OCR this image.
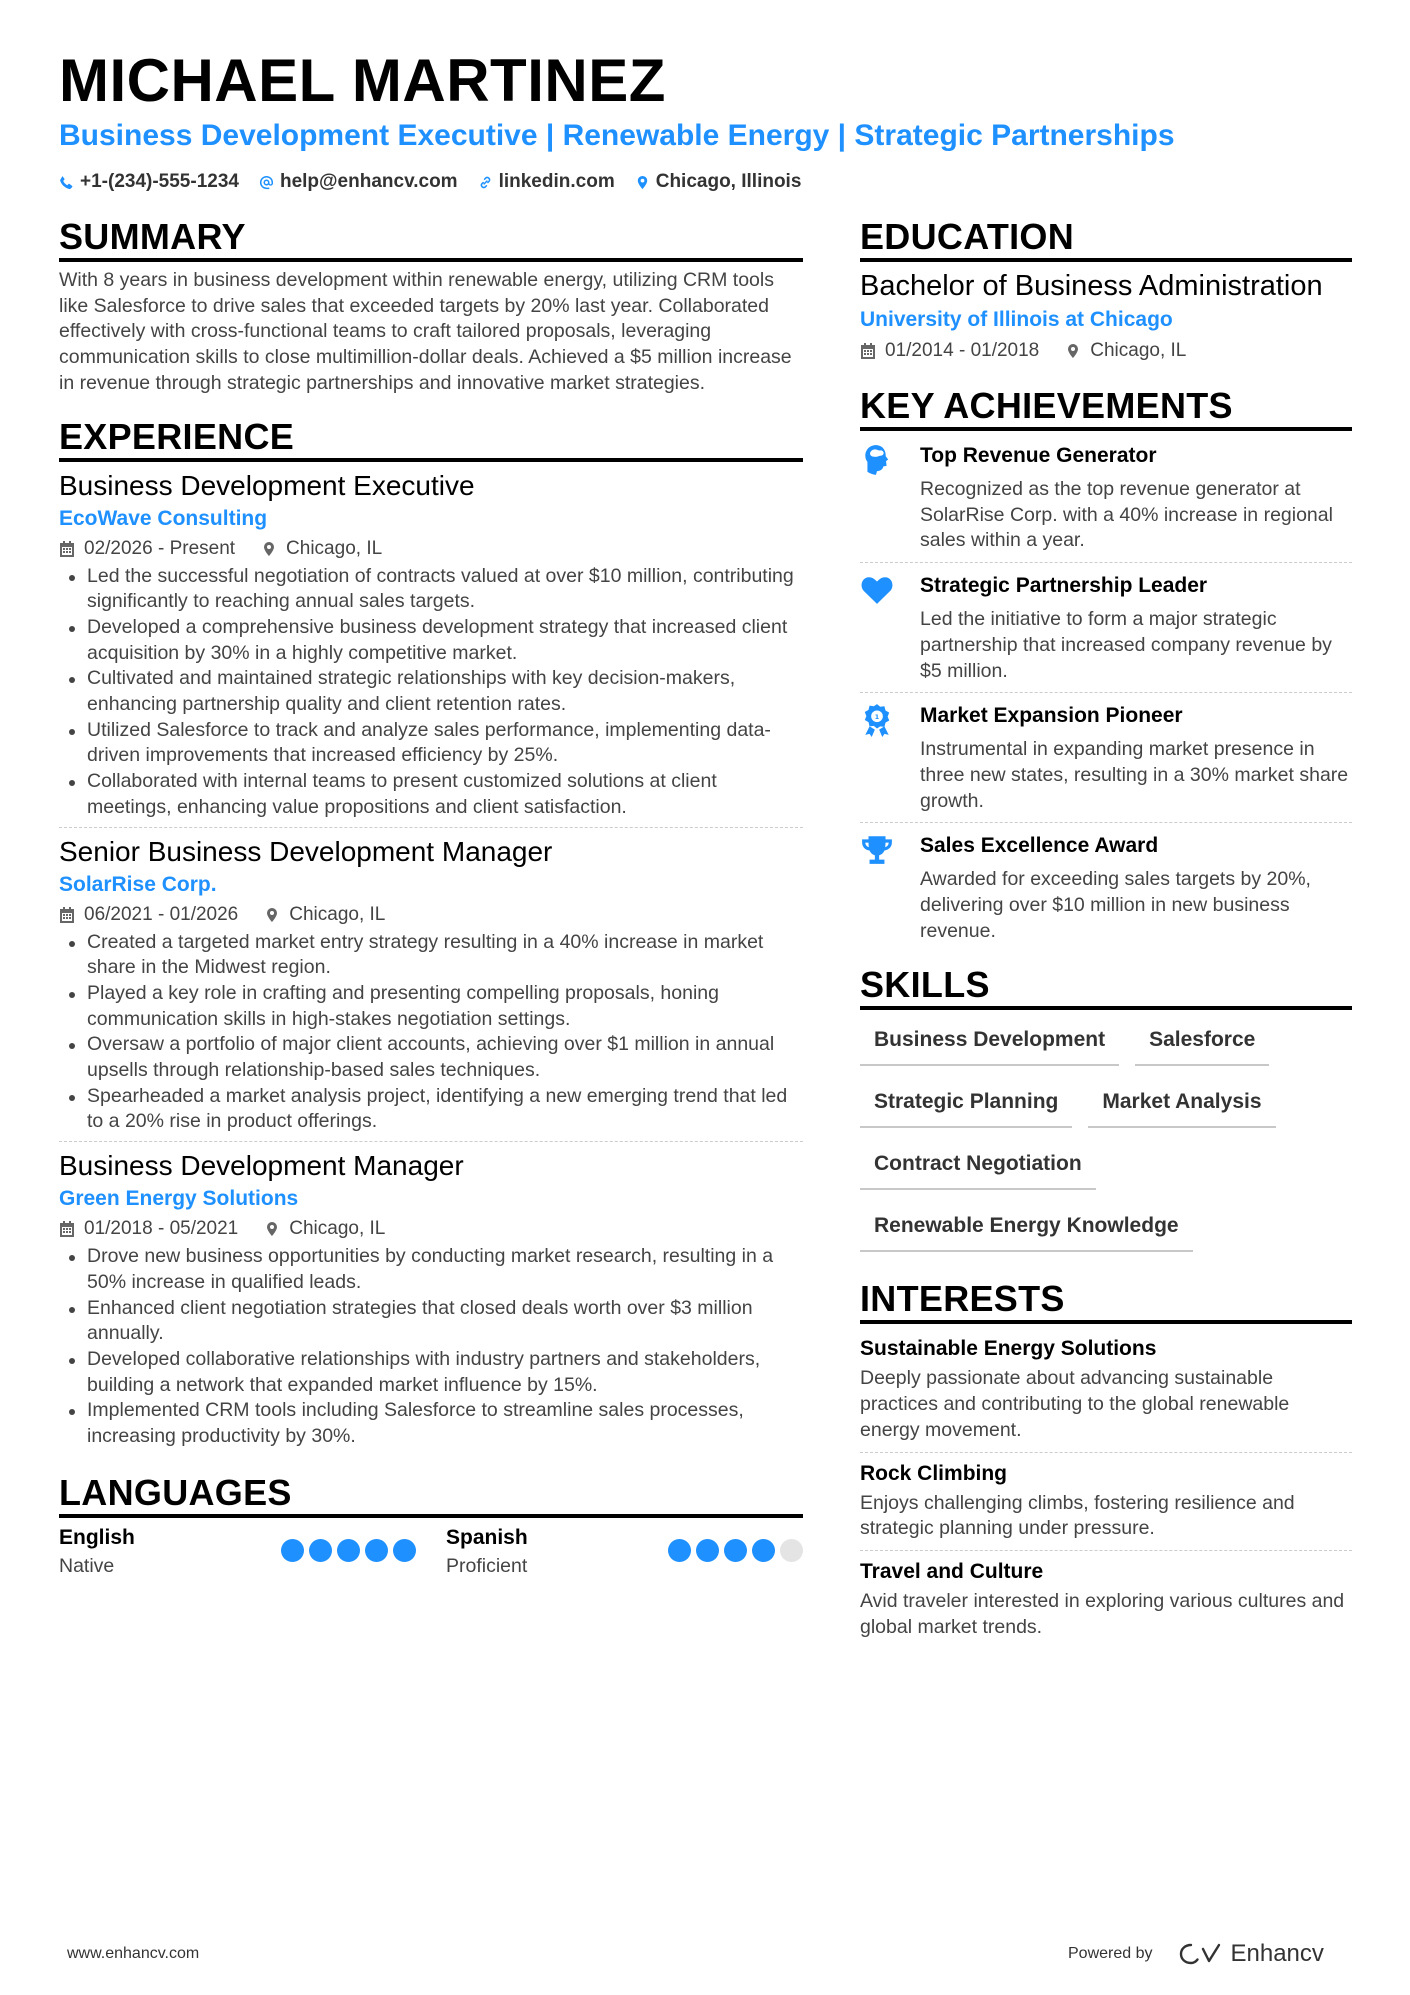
MICHAEL MARTINEZ
Business Development Executive | Renewable Energy | Strategic Partnerships
+1-(234)-555-1234 help@enhancv.com linkedin.com Chicago, Illinois
SUMMARY

With 8 years in business development within renewable energy, utilizing CRM tools like Salesforce to drive sales that exceeded targets by 20% last year. Collaborated effectively with cross-functional teams to craft tailored proposals, leveraging communication skills to close multimillion-dollar deals. Achieved a $5 million increase in revenue through strategic partnerships and innovative market strategies.

EXPERIENCE
Business Development Executive
EcoWave Consulting
02/2026 - Present	Chicago, IL
Led the successful negotiation of contracts valued at over $10 million, contributing significantly to reaching annual sales targets.
Developed a comprehensive business development strategy that increased client acquisition by 30% in a highly competitive market.
Cultivated and maintained strategic relationships with key decision-makers, enhancing partnership quality and client retention rates.
Utilized Salesforce to track and analyze sales performance, implementing data-driven improvements that increased efficiency by 25%.
Collaborated with internal teams to present customized solutions at client meetings, enhancing value propositions and client satisfaction.
Senior Business Development Manager
SolarRise Corp.
06/2021 - 01/2026	Chicago, IL
Created a targeted market entry strategy resulting in a 40% increase in market share in the Midwest region.
Played a key role in crafting and presenting compelling proposals, honing communication skills in high-stakes negotiation settings.
Oversaw a portfolio of major client accounts, achieving over $1 million in annual upsells through relationship-based sales techniques.
Spearheaded a market analysis project, identifying a new emerging trend that led to a 20% rise in product offerings.
Business Development Manager
Green Energy Solutions
01/2018 - 05/2021	Chicago, IL
Drove new business opportunities by conducting market research, resulting in a 50% increase in qualified leads.
Enhanced client negotiation strategies that closed deals worth over $3 million annually.
Developed collaborative relationships with industry partners and stakeholders, building a network that expanded market influence by 15%.
Implemented CRM tools including Salesforce to streamline sales processes, increasing productivity by 30%.
LANGUAGES
English
Native
Spanish
Proficient
EDUCATION
Bachelor of Business Administration
University of Illinois at Chicago
01/2014 - 01/2018	Chicago, IL
KEY ACHIEVEMENTS
Top Revenue Generator
Recognized as the top revenue generator at SolarRise Corp. with a 40% increase in regional sales within a year.
Strategic Partnership Leader
Led the initiative to form a major strategic partnership that increased company revenue by $5 million.
1 Market Expansion Pioneer
Instrumental in expanding market presence in three new states, resulting in a 30% market share growth.
Sales Excellence Award
Awarded for exceeding sales targets by 20%, delivering over $10 million in new business revenue.
SKILLS
Business Development	Salesforce
Strategic Planning	Market Analysis
Contract Negotiation
Renewable Energy Knowledge
INTERESTS
Sustainable Energy Solutions
Deeply passionate about advancing sustainable practices and contributing to the global renewable energy movement.
Rock Climbing
Enjoys challenging climbs, fostering resilience and strategic planning under pressure.
Travel and Culture
Avid traveler interested in exploring various cultures and global market trends.
www.enhancv.com	Powered by	Enhancv
